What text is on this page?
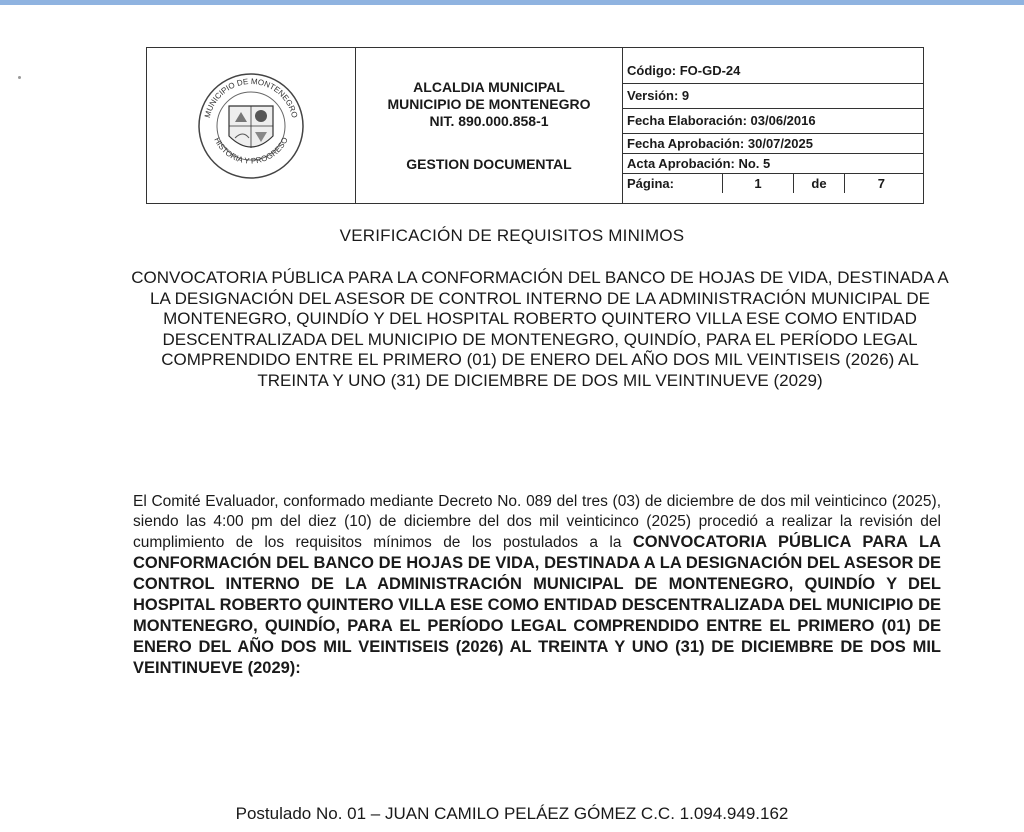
MUNICIPIO DE MONTENEGRO
HISTORIA Y PROGRESO

ALCALDIA MUNICIPAL
MUNICIPIO DE MONTENEGRO
NIT. 890.000.858-1
GESTION DOCUMENTAL

Código: FO-GD-24
Versión: 9
Fecha Elaboración: 03/06/2016
Fecha Aprobación: 30/07/2025
Acta Aprobación: No. 5
Página:	1	de	7
VERIFICACIÓN DE REQUISITOS MINIMOS
CONVOCATORIA PÚBLICA PARA LA CONFORMACIÓN DEL BANCO DE HOJAS DE VIDA, DESTINADA A LA DESIGNACIÓN DEL ASESOR DE CONTROL INTERNO DE LA ADMINISTRACIÓN MUNICIPAL DE MONTENEGRO, QUINDÍO Y DEL HOSPITAL ROBERTO QUINTERO VILLA ESE COMO ENTIDAD DESCENTRALIZADA DEL MUNICIPIO DE MONTENEGRO, QUINDÍO, PARA EL PERÍODO LEGAL COMPRENDIDO ENTRE EL PRIMERO (01) DE ENERO DEL AÑO DOS MIL VEINTISEIS (2026) AL TREINTA Y UNO (31) DE DICIEMBRE DE DOS MIL VEINTINUEVE (2029)
El Comité Evaluador, conformado mediante Decreto No. 089 del tres (03) de diciembre de dos mil veinticinco (2025), siendo las 4:00 pm del diez (10) de diciembre del dos mil veinticinco (2025) procedió a realizar la revisión del cumplimiento de los requisitos mínimos de los postulados a la CONVOCATORIA PÚBLICA PARA LA CONFORMACIÓN DEL BANCO DE HOJAS DE VIDA, DESTINADA A LA DESIGNACIÓN DEL ASESOR DE CONTROL INTERNO DE LA ADMINISTRACIÓN MUNICIPAL DE MONTENEGRO, QUINDÍO Y DEL HOSPITAL ROBERTO QUINTERO VILLA ESE COMO ENTIDAD DESCENTRALIZADA DEL MUNICIPIO DE MONTENEGRO, QUINDÍO, PARA EL PERÍODO LEGAL COMPRENDIDO ENTRE EL PRIMERO (01) DE ENERO DEL AÑO DOS MIL VEINTISEIS (2026) AL TREINTA Y UNO (31) DE DICIEMBRE DE DOS MIL VEINTINUEVE (2029):
Postulado No. 01 – JUAN CAMILO PELÁEZ GÓMEZ C.C. 1.094.949.162
